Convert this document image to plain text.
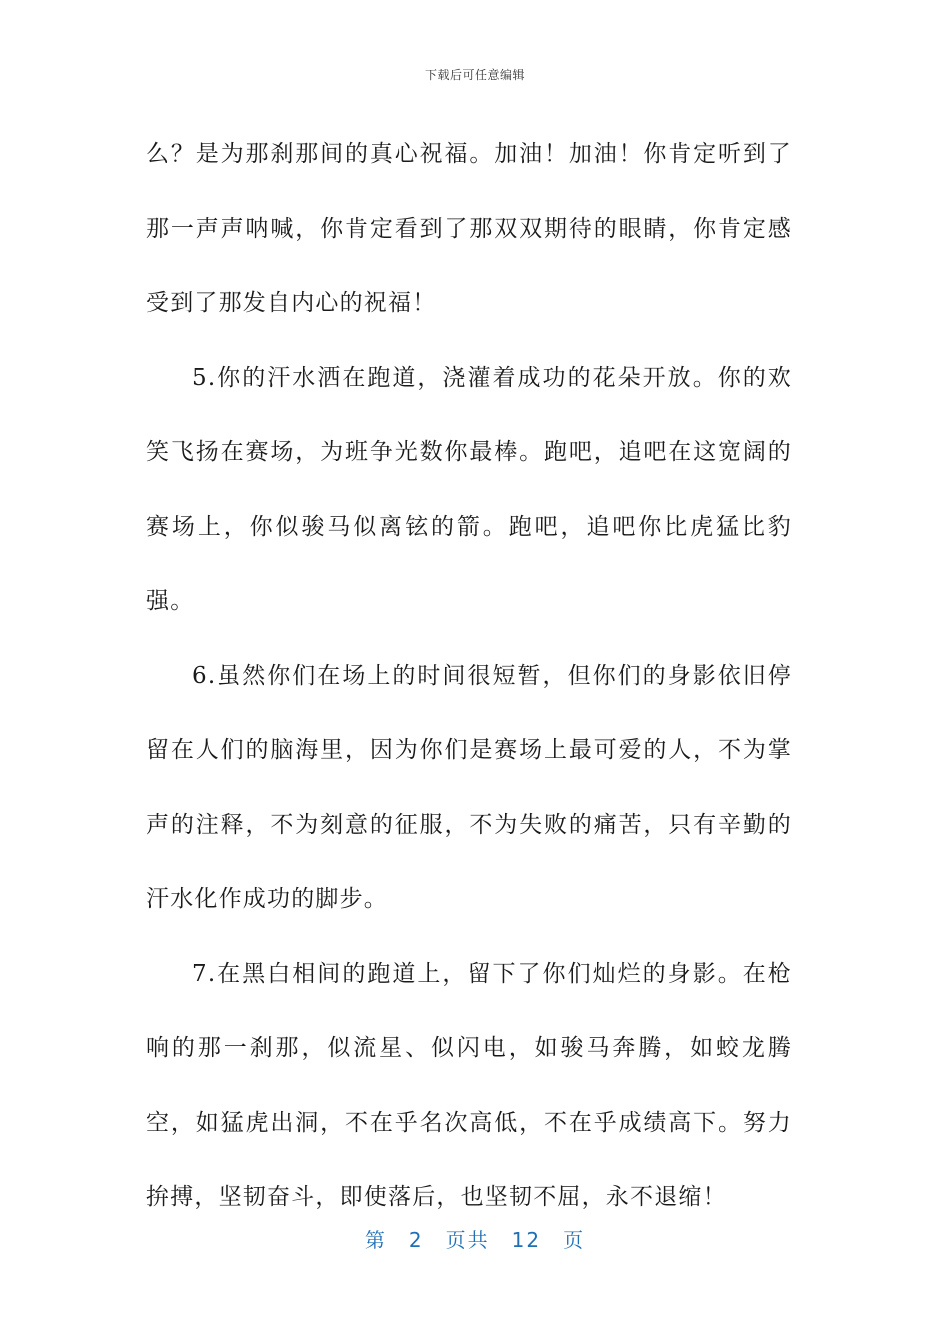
下载后可任意编辑

么？是为那刹那间的真心祝福。加油！加油！你肯定听到了那一声声呐喊，你肯定看到了那双双期待的眼睛，你肯定感受到了那发自内心的祝福！

5.你的汗水洒在跑道，浇灌着成功的花朵开放。你的欢笑飞扬在赛场，为班争光数你最棒。跑吧，追吧在这宽阔的赛场上，你似骏马似离铉的箭。跑吧，追吧你比虎猛比豹强。

6.虽然你们在场上的时间很短暂，但你们的身影依旧停留在人们的脑海里，因为你们是赛场上最可爱的人，不为掌声的注释，不为刻意的征服，不为失败的痛苦，只有辛勤的汗水化作成功的脚步。

7.在黑白相间的跑道上，留下了你们灿烂的身影。在枪响的那一刹那，似流星、似闪电，如骏马奔腾，如蛟龙腾空，如猛虎出洞，不在乎名次高低，不在乎成绩高下。努力拚搏，坚韧奋斗，即使落后，也坚韧不屈，永不退缩！

第 2 页共 12 页
